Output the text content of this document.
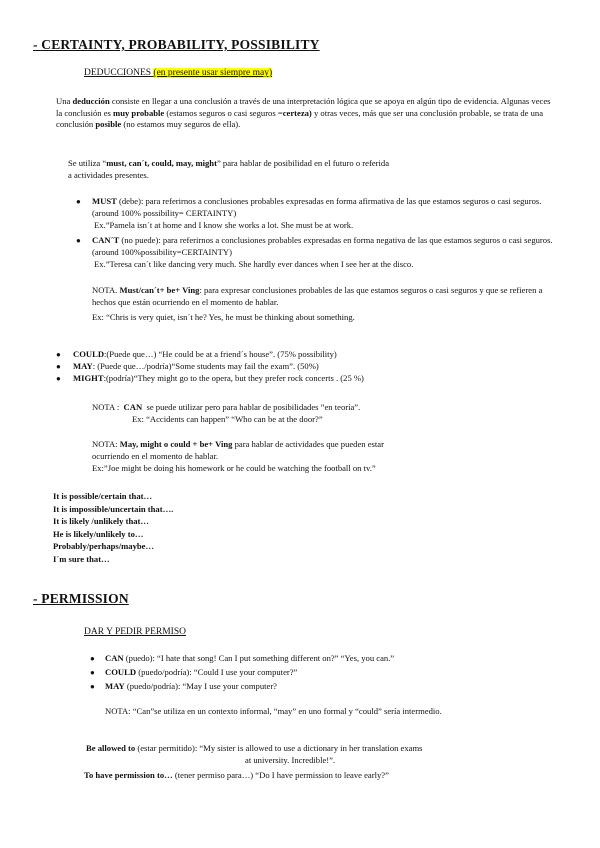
- CERTAINTY, PROBABILITY, POSSIBILITY
DEDUCCIONES (en presente usar siempre may)
Una deducción consiste en llegar a una conclusión a través de una interpretación lógica que se apoya en algún tipo de evidencia. Algunas veces la conclusión es muy probable (estamos seguros o casi seguros =certeza) y otras veces, más que ser una conclusión probable, se trata de una conclusión posible (no estamos muy seguros de ella).
Se utiliza “must, can´t, could, may, might” para hablar de posibilidad en el futuro o referida
a actividades presentes.
● MUST (debe): para referirnos a conclusiones probables expresadas en forma afirmativa de las que estamos seguros o casi seguros. (around 100% possibility= CERTAINTY)
Ex.”Pamela isn´t at home and I know she works a lot. She must be at work.
● CAN´T (no puede): para referirnos a conclusiones probables expresadas en forma negativa de las que estamos seguros o casi seguros. (around 100%possibility=CERTAINTY)
Ex.”Teresa can´t like dancing very much. She hardly ever dances when I see her at the disco.
NOTA. Must/can´t+ be+ Ving: para expresar conclusiones probables de las que estamos seguros o casi seguros y que se refieren a hechos que están ocurriendo en el momento de hablar.
Ex: “Chris is very quiet, isn´t he? Yes, he must be thinking about something.
● COULD:(Puede que…) “He could be at a friend´s house”. (75% possibility)
● MAY: (Puede que…/podría)“Some students may fail the exam”. (50%)
● MIGHT:(podría)“They might go to the opera, but they prefer rock concerts . (25 %)
NOTA : CAN se puede utilizar pero para hablar de posibilidades ”en teoría”.
Ex: “Accidents can happen” “Who can be at the door?”
NOTA: May, might o could + be+ Ving para hablar de actividades que pueden estar
ocurriendo en el momento de hablar.
Ex:”Joe might be doing his homework or he could be watching the football on tv.”
It is possible/certain that…
It is impossible/uncertain that….
It is likely /unlikely that…
He is likely/unlikely to…
Probably/perhaps/maybe…
I´m sure that…
- PERMISSION
DAR Y PEDIR PERMISO
● CAN (puedo): “I hate that song! Can I put something different on?” “Yes, you can.”
● COULD (puedo/podría): “Could I use your computer?”
● MAY (puedo/podría): “May I use your computer?
NOTA: “Can”se utiliza en un contexto informal, “may” en uno formal y “could” sería intermedio.
Be allowed to (estar permitido): “My sister is allowed to use a dictionary in her translation exams
at university. Incredible!”.
To have permission to… (tener permiso para…) “Do I have permission to leave early?”
